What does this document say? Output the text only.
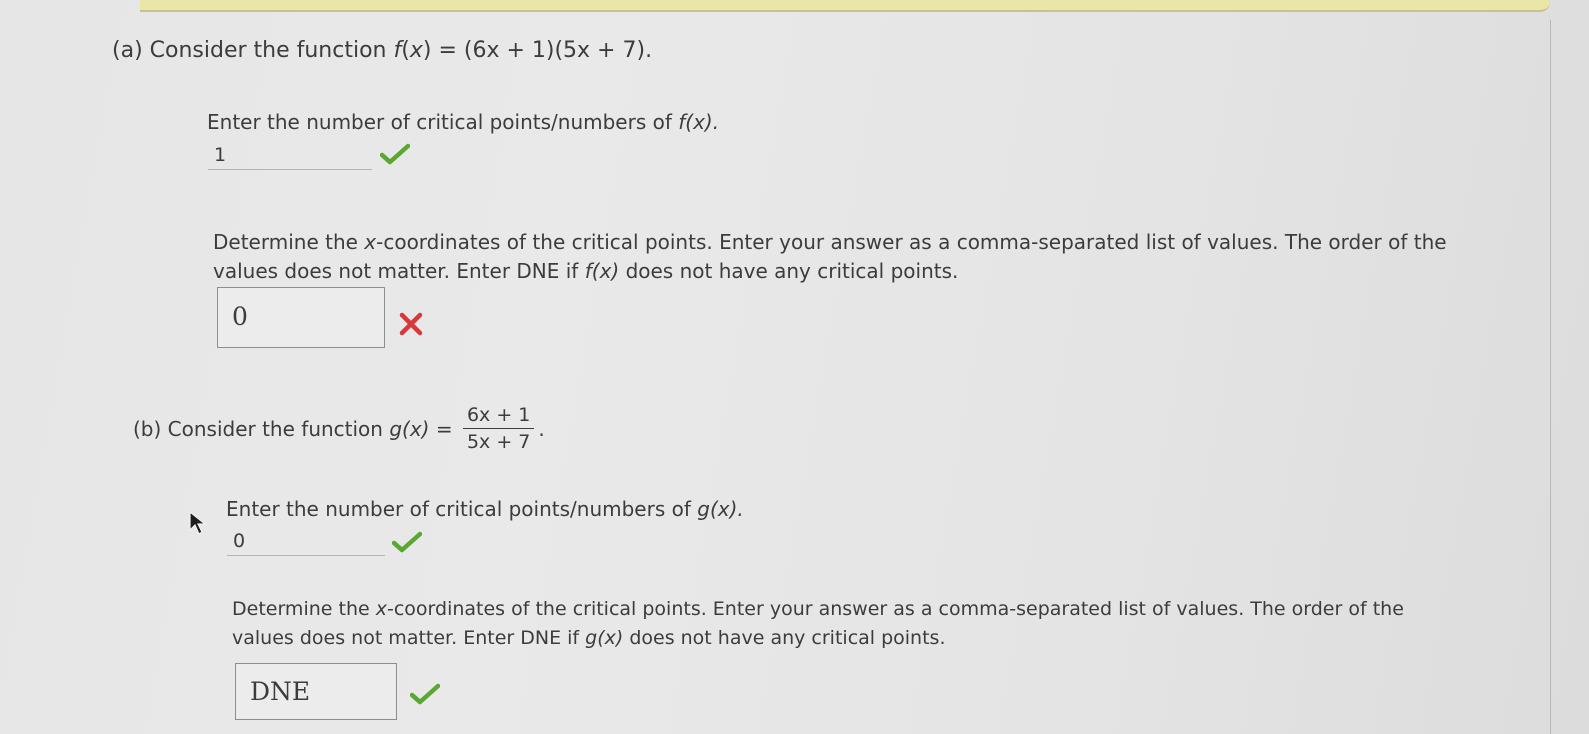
(a) Consider the function f(x) = (6x + 1)(5x + 7).
Enter the number of critical points/numbers of f(x).
1
Determine the x-coordinates of the critical points. Enter your answer as a comma-separated list of values. The order of the
values does not matter. Enter DNE if f(x) does not have any critical points.
0
(b) Consider the function $g(x) = \frac{6x + 1}{5x + 7}$ .
Enter the number of critical points/numbers of g(x).
0
Determine the x-coordinates of the critical points. Enter your answer as a comma-separated list of values. The order of the
values does not matter. Enter DNE if g(x) does not have any critical points.
DNE
